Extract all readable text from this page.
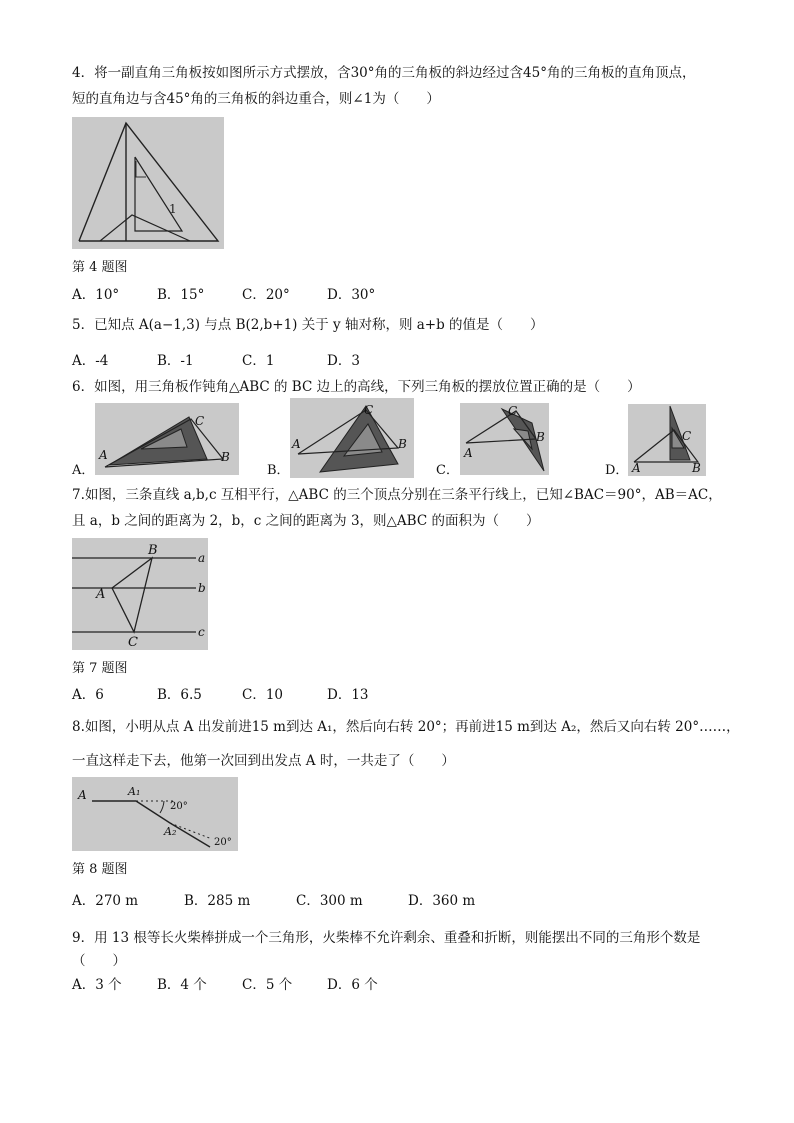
4．将一副直角三角板按如图所示方式摆放，含30°角的三角板的斜边经过含45°角的三角板的直角顶点，
短的直角边与含45°角的三角板的斜边重合，则∠1为（　　）
1
第 4 题图
A．10°	B．15°	C．20°	D．30°
5．已知点 A(a−1,3) 与点 B(2,b+1) 关于 y 轴对称，则 a+b 的值是（　　）
A．-4	B．-1	C．1	D．3
6．如图，用三角板作钝角△ABC 的 BC 边上的高线，下列三角板的摆放位置正确的是（　　）
A．
A	B
C
B．
A	B
C
C．
A
B
C
D． A	B
C
7.如图，三条直线 a,b,c 互相平行，△ABC 的三个顶点分别在三条平行线上，已知∠BAC＝90°，AB＝AC，
且 a，b 之间的距离为 2，b，c 之间的距离为 3，则△ABC 的面积为（　　）
a
b
c
A
B
C
第 7 题图
A．6	B．6.5	C．10	D．13
8.如图，小明从点 A 出发前进15 m到达 A₁，然后向右转 20°；再前进15 m到达 A₂，然后又向右转 20°……，
一直这样走下去，他第一次回到出发点 A 时，一共走了（　　）
A	A₁
A₂
20°
20°
第 8 题图
A．270 m	B．285 m	C．300 m	D．360 m
9．用 13 根等长火柴棒拼成一个三角形，火柴棒不允许剩余、重叠和折断，则能摆出不同的三角形个数是
（　　）
A．3 个	B．4 个	C．5 个	D．6 个
